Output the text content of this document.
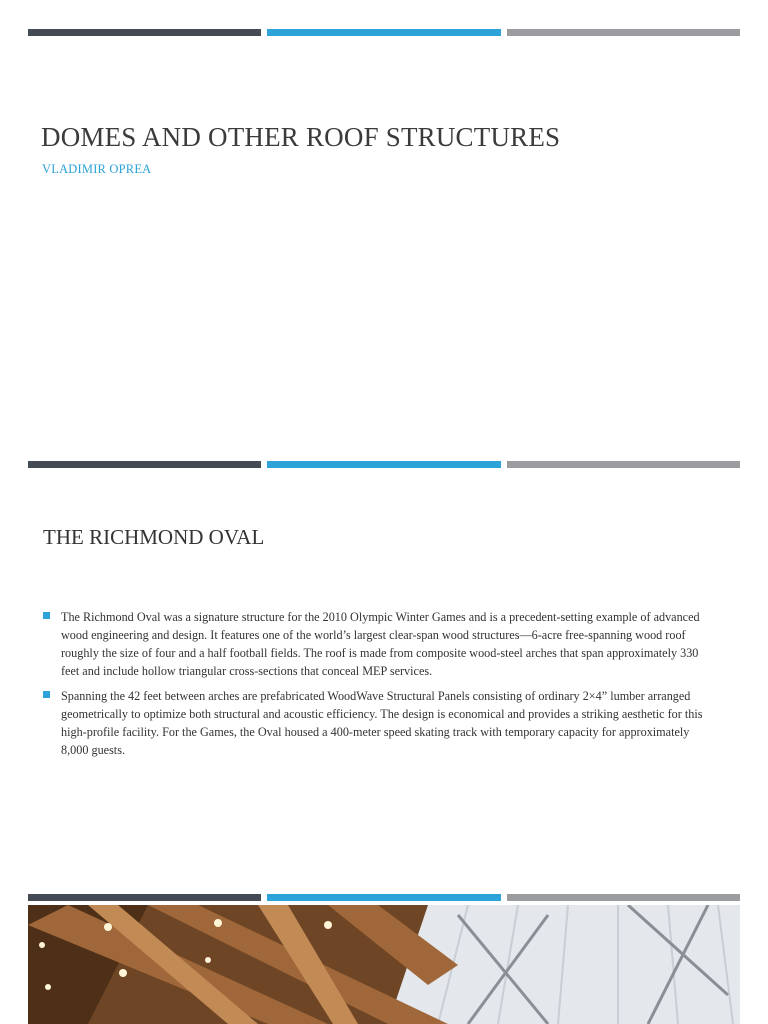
DOMES AND OTHER ROOF STRUCTURES

VLADIMIR OPREA

THE RICHMOND OVAL
The Richmond Oval was a signature structure for the 2010 Olympic Winter Games and is a precedent-setting example of advanced wood engineering and design. It features one of the world’s largest clear-span wood structures—6-acre free-spanning wood roof roughly the size of four and a half football fields. The roof is made from composite wood-steel arches that span approximately 330 feet and include hollow triangular cross-sections that conceal MEP services.
Spanning the 42 feet between arches are prefabricated WoodWave Structural Panels consisting of ordinary 2×4” lumber arranged geometrically to optimize both structural and acoustic efficiency. The design is economical and provides a striking aesthetic for this high-profile facility. For the Games, the Oval housed a 400-meter speed skating track with temporary capacity for approximately 8,000 guests.
